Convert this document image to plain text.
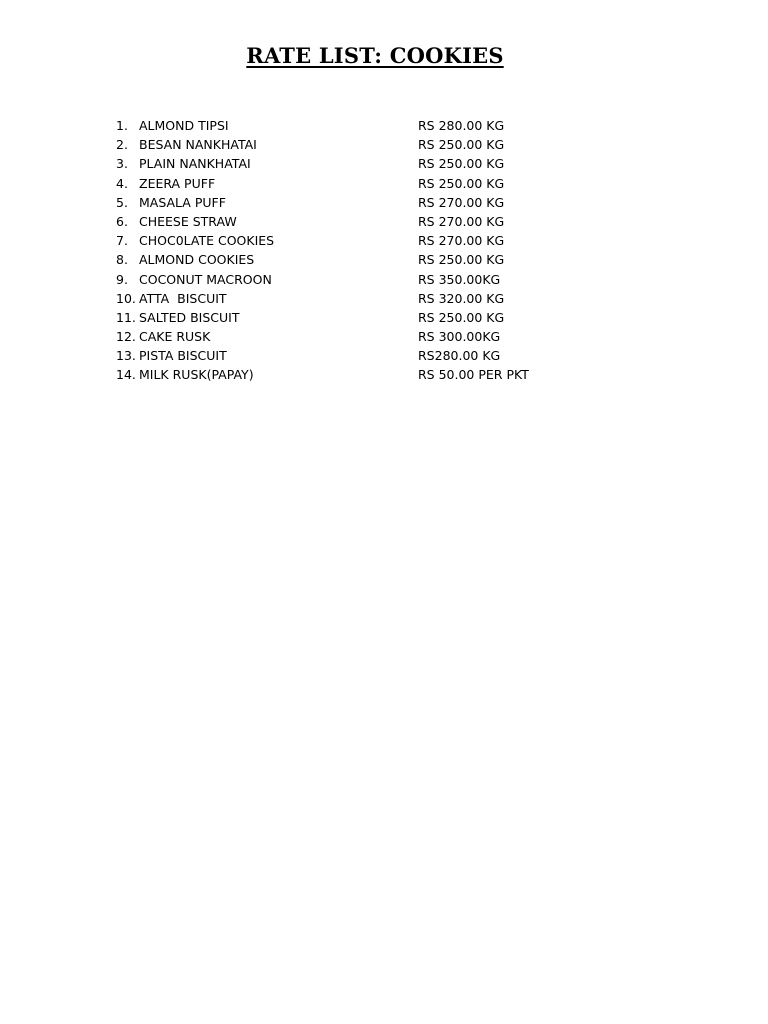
RATE LIST: COOKIES
1. ALMOND TIPSI	RS 280.00 KG
2. BESAN NANKHATAI	RS 250.00 KG
3. PLAIN NANKHATAI	RS 250.00 KG
4. ZEERA PUFF	RS 250.00 KG
5. MASALA PUFF	RS 270.00 KG
6. CHEESE STRAW	RS 270.00 KG
7. CHOC0LATE COOKIES	RS 270.00 KG
8. ALMOND COOKIES	RS 250.00 KG
9. COCONUT MACROON	RS 350.00KG
10. ATTA  BISCUIT	RS 320.00 KG
11. SALTED BISCUIT	RS 250.00 KG
12. CAKE RUSK	RS 300.00KG
13. PISTA BISCUIT	RS280.00 KG
14. MILK RUSK(PAPAY)	RS 50.00 PER PKT
